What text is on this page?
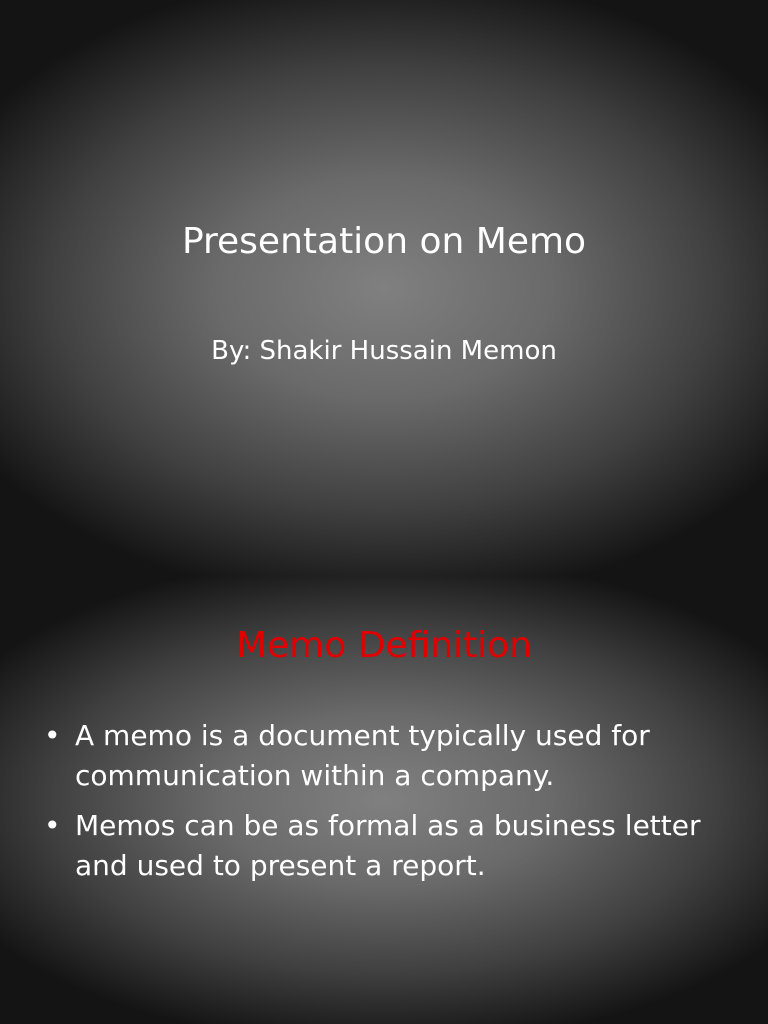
Presentation on Memo
By: Shakir Hussain Memon
Memo Definition
• A memo is a document typically used for
communication within a company.
• Memos can be as formal as a business letter
and used to present a report.
